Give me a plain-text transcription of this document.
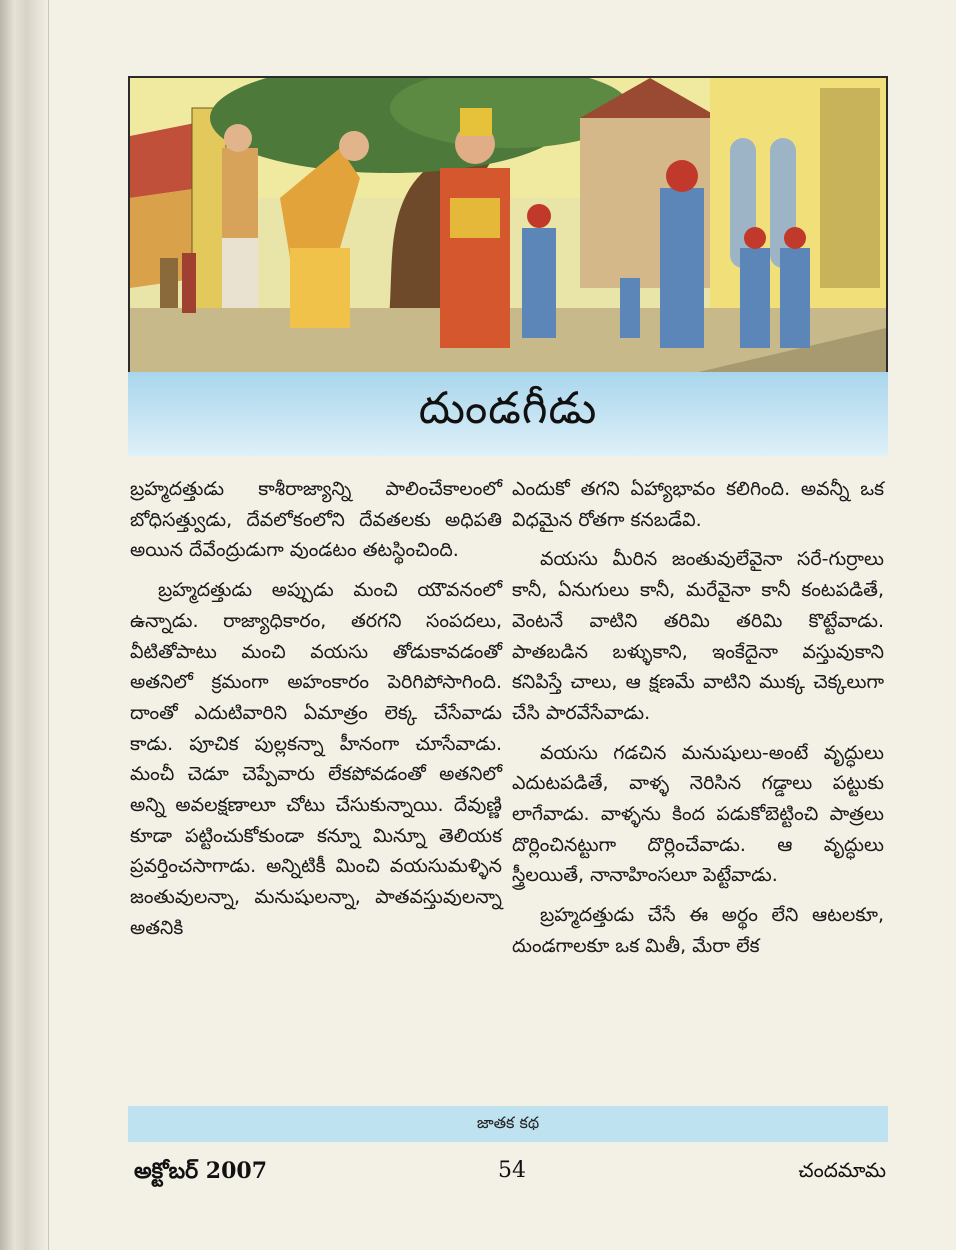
దుండగీడు

బ్రహ్మదత్తుడు కాశీరాజ్యాన్ని పాలించేకాలంలో బోధిసత్త్వుడు, దేవలోకంలోని దేవతలకు అధిపతి అయిన దేవేంద్రుడుగా వుండటం తటస్థించింది.

బ్రహ్మదత్తుడు అప్పుడు మంచి యౌవనంలో ఉన్నాడు. రాజ్యాధికారం, తరగని సంపదలు, వీటితోపాటు మంచి వయసు తోడుకావడంతో అతనిలో క్రమంగా అహంకారం పెరిగిపోసాగింది. దాంతో ఎదుటివారిని ఏమాత్రం లెక్క చేసేవాడు కాడు. పూచిక పుల్లకన్నా హీనంగా చూసేవాడు. మంచీ చెడూ చెప్పేవారు లేకపోవడంతో అతనిలో అన్ని అవలక్షణాలూ చోటు చేసుకున్నాయి. దేవుణ్ణి కూడా పట్టించుకోకుండా కన్నూ మిన్నూ తెలియక ప్రవర్తించసాగాడు. అన్నిటికీ మించి వయసుమళ్ళిన జంతువులన్నా, మనుషులన్నా, పాతవస్తువులన్నా అతనికి

ఎందుకో తగని ఏహ్యాభావం కలిగింది. అవన్నీ ఒక విధమైన రోతగా కనబడేవి.

వయసు మీరిన జంతువులేవైనా సరే-గుర్రాలు కానీ, ఏనుగులు కానీ, మరేవైనా కానీ కంటపడితే, వెంటనే వాటిని తరిమి తరిమి కొట్టేవాడు. పాతబడిన బళ్ళుకాని, ఇంకేదైనా వస్తువుకాని కనిపిస్తే చాలు, ఆ క్షణమే వాటిని ముక్క చెక్కలుగా చేసి పారవేసేవాడు.

వయసు గడచిన మనుషులు-అంటే వృద్ధులు ఎదుటపడితే, వాళ్ళ నెరిసిన గడ్డాలు పట్టుకు లాగేవాడు. వాళ్ళను కింద పడుకోబెట్టించి పాత్రలు దొర్లించినట్టుగా దొర్లించేవాడు. ఆ వృద్ధులు స్త్రీలయితే, నానాహింసలూ పెట్టేవాడు.

బ్రహ్మదత్తుడు చేసే ఈ అర్థం లేని ఆటలకూ, దుండగాలకూ ఒక మితీ, మేరా లేక

జాతక కథ
అక్టోబర్ 2007	54	చందమామ
